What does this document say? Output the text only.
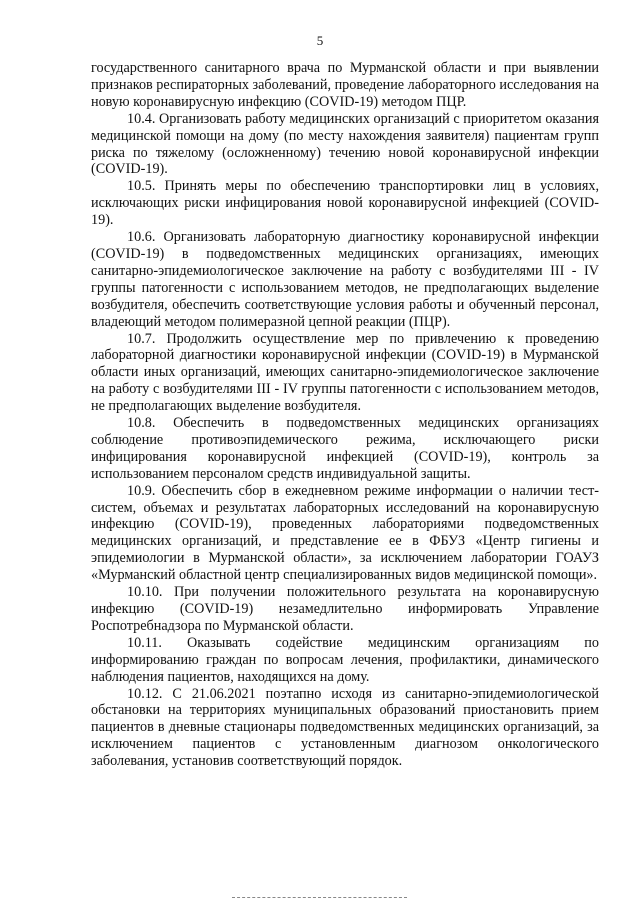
5

государственного санитарного врача по Мурманской области и при выявлении признаков респираторных заболеваний, проведение лабораторного исследования на новую коронавирусную инфекцию (COVID-19) методом ПЦР.

10.4. Организовать работу медицинских организаций с приоритетом оказания медицинской помощи на дому (по месту нахождения заявителя) пациентам групп риска по тяжелому (осложненному) течению новой коронавирусной инфекции (COVID-19).

10.5. Принять меры по обеспечению транспортировки лиц в условиях, исключающих риски инфицирования новой коронавирусной инфекцией (COVID-19).

10.6. Организовать лабораторную диагностику коронавирусной инфекции (COVID-19) в подведомственных медицинских организациях, имеющих санитарно-эпидемиологическое заключение на работу с возбудителями III - IV группы патогенности с использованием методов, не предполагающих выделение возбудителя, обеспечить соответствующие условия работы и обученный персонал, владеющий методом полимеразной цепной реакции (ПЦР).

10.7. Продолжить осуществление мер по привлечению к проведению лабораторной диагностики коронавирусной инфекции (COVID-19) в Мурманской области иных организаций, имеющих санитарно-эпидемиологическое заключение на работу с возбудителями III - IV группы патогенности с использованием методов, не предполагающих выделение возбудителя.

10.8. Обеспечить в подведомственных медицинских организациях соблюдение противоэпидемического режима, исключающего риски инфицирования коронавирусной инфекцией (COVID-19), контроль за использованием персоналом средств индивидуальной защиты.

10.9. Обеспечить сбор в ежедневном режиме информации о наличии тест-систем, объемах и результатах лабораторных исследований на коронавирусную инфекцию (COVID-19), проведенных лабораториями подведомственных медицинских организаций, и представление ее в ФБУЗ «Центр гигиены и эпидемиологии в Мурманской области», за исключением лаборатории ГОАУЗ «Мурманский областной центр специализированных видов медицинской помощи».

10.10. При получении положительного результата на коронавирусную инфекцию (COVID-19) незамедлительно информировать Управление Роспотребнадзора по Мурманской области.

10.11. Оказывать содействие медицинским организациям по информированию граждан по вопросам лечения, профилактики, динамического наблюдения пациентов, находящихся на дому.

10.12. С 21.06.2021 поэтапно исходя из санитарно-эпидемиологической обстановки на территориях муниципальных образований приостановить прием пациентов в дневные стационары подведомственных медицинских организаций, за исключением пациентов с установленным диагнозом онкологического заболевания, установив соответствующий порядок.
